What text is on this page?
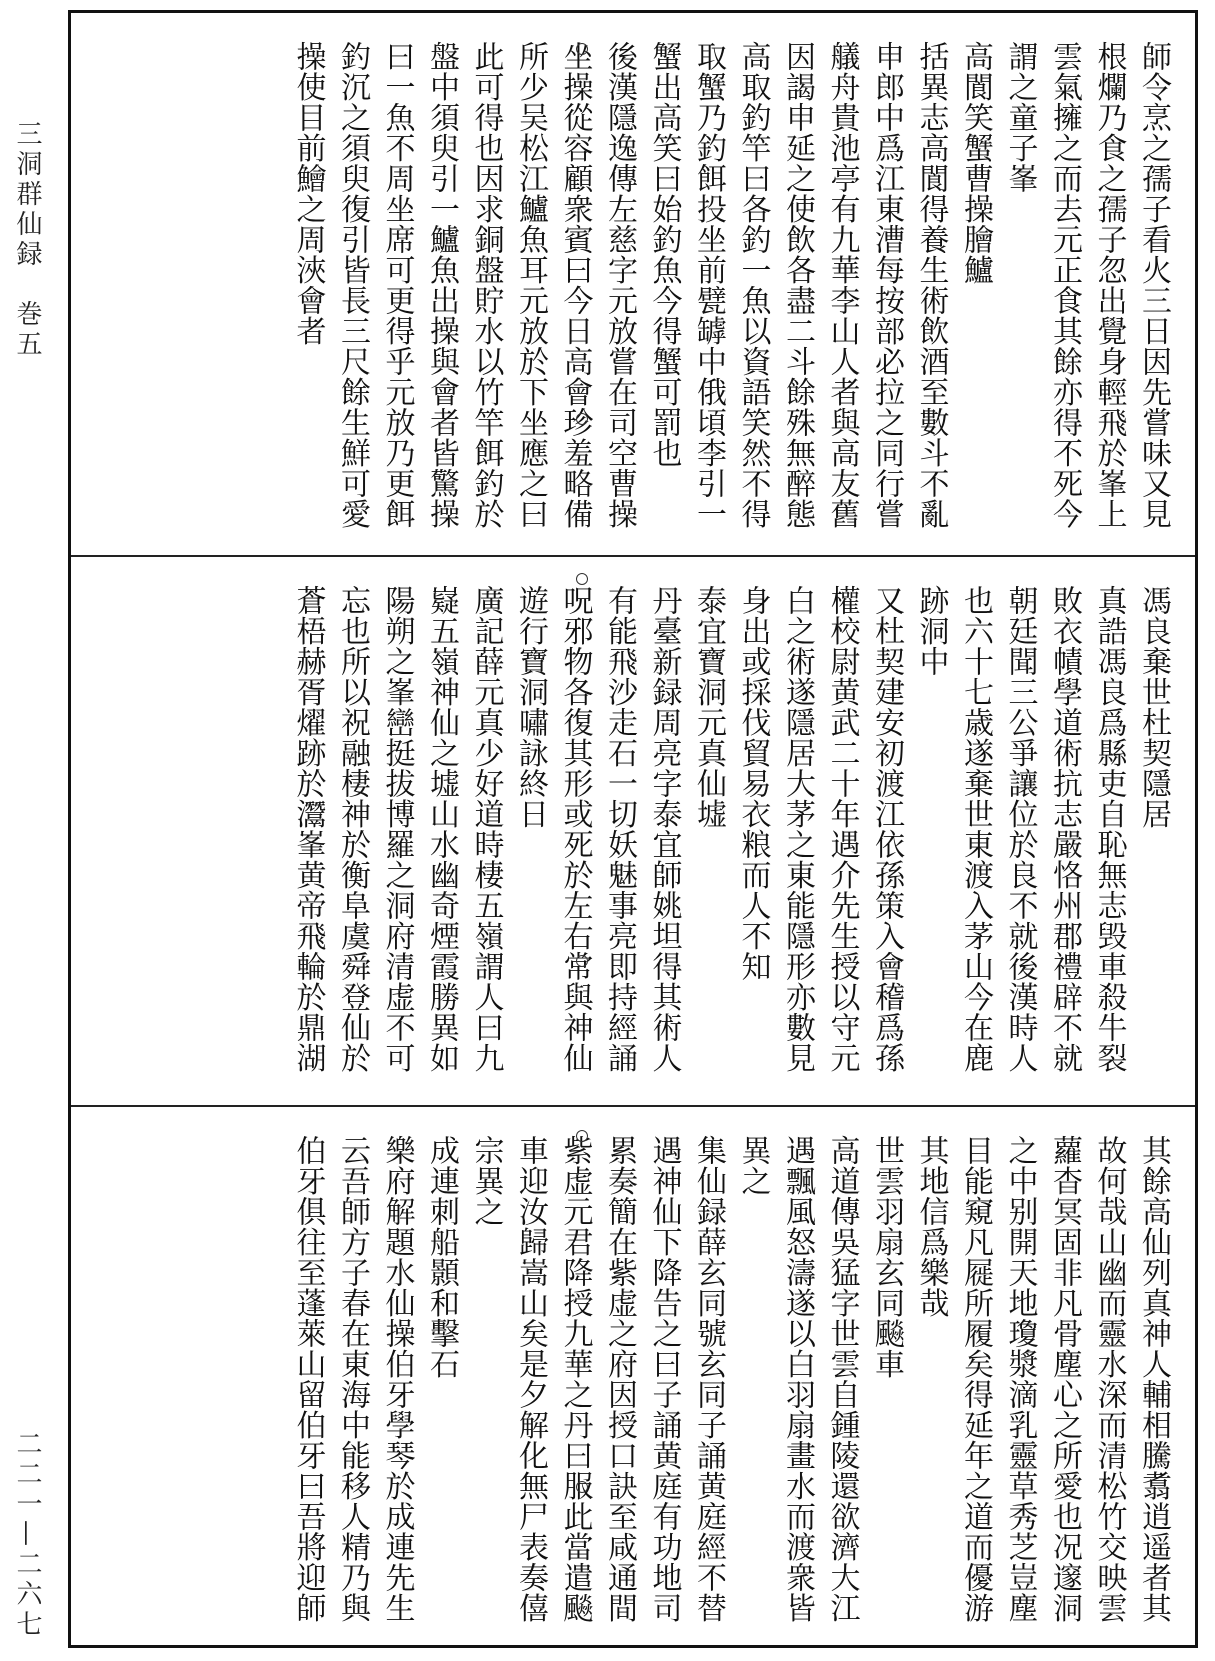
三洞群仙録　巻五
二二一—二六七
師令烹之孺子看火三日因先嘗味又見
根爛乃食之孺子忽出覺身輕飛於峯上
雲氣擁之而去元正食其餘亦得不死今
謂之童子峯
高閬笑蟹曹操膾鱸
括異志高閬得養生術飲酒至數斗不亂
申郎中爲江東漕每按部必拉之同行嘗
艤舟貴池亭有九華李山人者與高友舊
因謁申延之使飲各盡二斗餘殊無醉態
高取釣竿曰各釣一魚以資語笑然不得
取蟹乃釣餌投坐前甓罅中俄頃李引一
蟹出高笑曰始釣魚今得蟹可罰也
後漢隱逸傳左慈字元放嘗在司空曹操
坐操從容顧衆賓曰今日高會珍羞略備
所少吴松江鱸魚耳元放於下坐應之曰
此可得也因求銅盤貯水以竹竿餌釣於
盤中須臾引一鱸魚出操與會者皆驚操
曰一魚不周坐席可更得乎元放乃更餌
釣沉之須臾復引皆長三尺餘生鮮可愛
操使目前鱠之周浹會者
馮良棄世杜契隱居
真誥馮良爲縣吏自恥無志毁車殺牛裂
敗衣幘學道術抗志嚴恪州郡禮辟不就
朝廷聞三公爭讓位於良不就後漢時人
也六十七歳遂棄世東渡入茅山今在鹿
跡洞中
又杜契建安初渡江依孫策入會稽爲孫
權校尉黄武二十年遇介先生授以守元
白之術遂隱居大茅之東能隱形亦數見
身出或採伐貿易衣粮而人不知
泰宜寶洞元真仙墟
丹臺新録周亮字泰宜師姚坦得其術人
有能飛沙走石一切妖魅事亮即持經誦
呪邪物各復其形或死於左右常與神仙
遊行寶洞嘯詠終日
廣記薛元真少好道時棲五嶺謂人曰九
嶷五嶺神仙之墟山水幽奇煙霞勝異如
陽朔之峯巒挺拔博羅之洞府清虚不可
忘也所以祝融棲神於衡阜虞舜登仙於
蒼梧赫胥燿跡於灊峯黄帝飛輪於鼎湖
其餘高仙列真神人輔相騰翥逍遥者其
故何哉山幽而靈水深而清松竹交映雲
蘿杳冥固非凡骨塵心之所愛也况邃洞
之中别開天地瓊漿滴乳靈草秀芝豈塵
目能窺凡屣所履矣得延年之道而優游
其地信爲樂哉
世雲羽扇玄同飈車
高道傳吳猛字世雲自鍾陵還欲濟大江
遇飄風怒濤遂以白羽扇畫水而渡衆皆
異之
集仙録薛玄同號玄同子誦黄庭經不替
遇神仙下降告之曰子誦黄庭有功地司
累奏簡在紫虚之府因授口訣至咸通間
紫虚元君降授九華之丹曰服此當遣飈
車迎汝歸嵩山矣是夕解化無尸表奏僖
宗異之
成連刺船顥和擊石
樂府解題水仙操伯牙學琴於成連先生
云吾師方子春在東海中能移人精乃與
伯牙俱往至蓬萊山留伯牙曰吾將迎師
